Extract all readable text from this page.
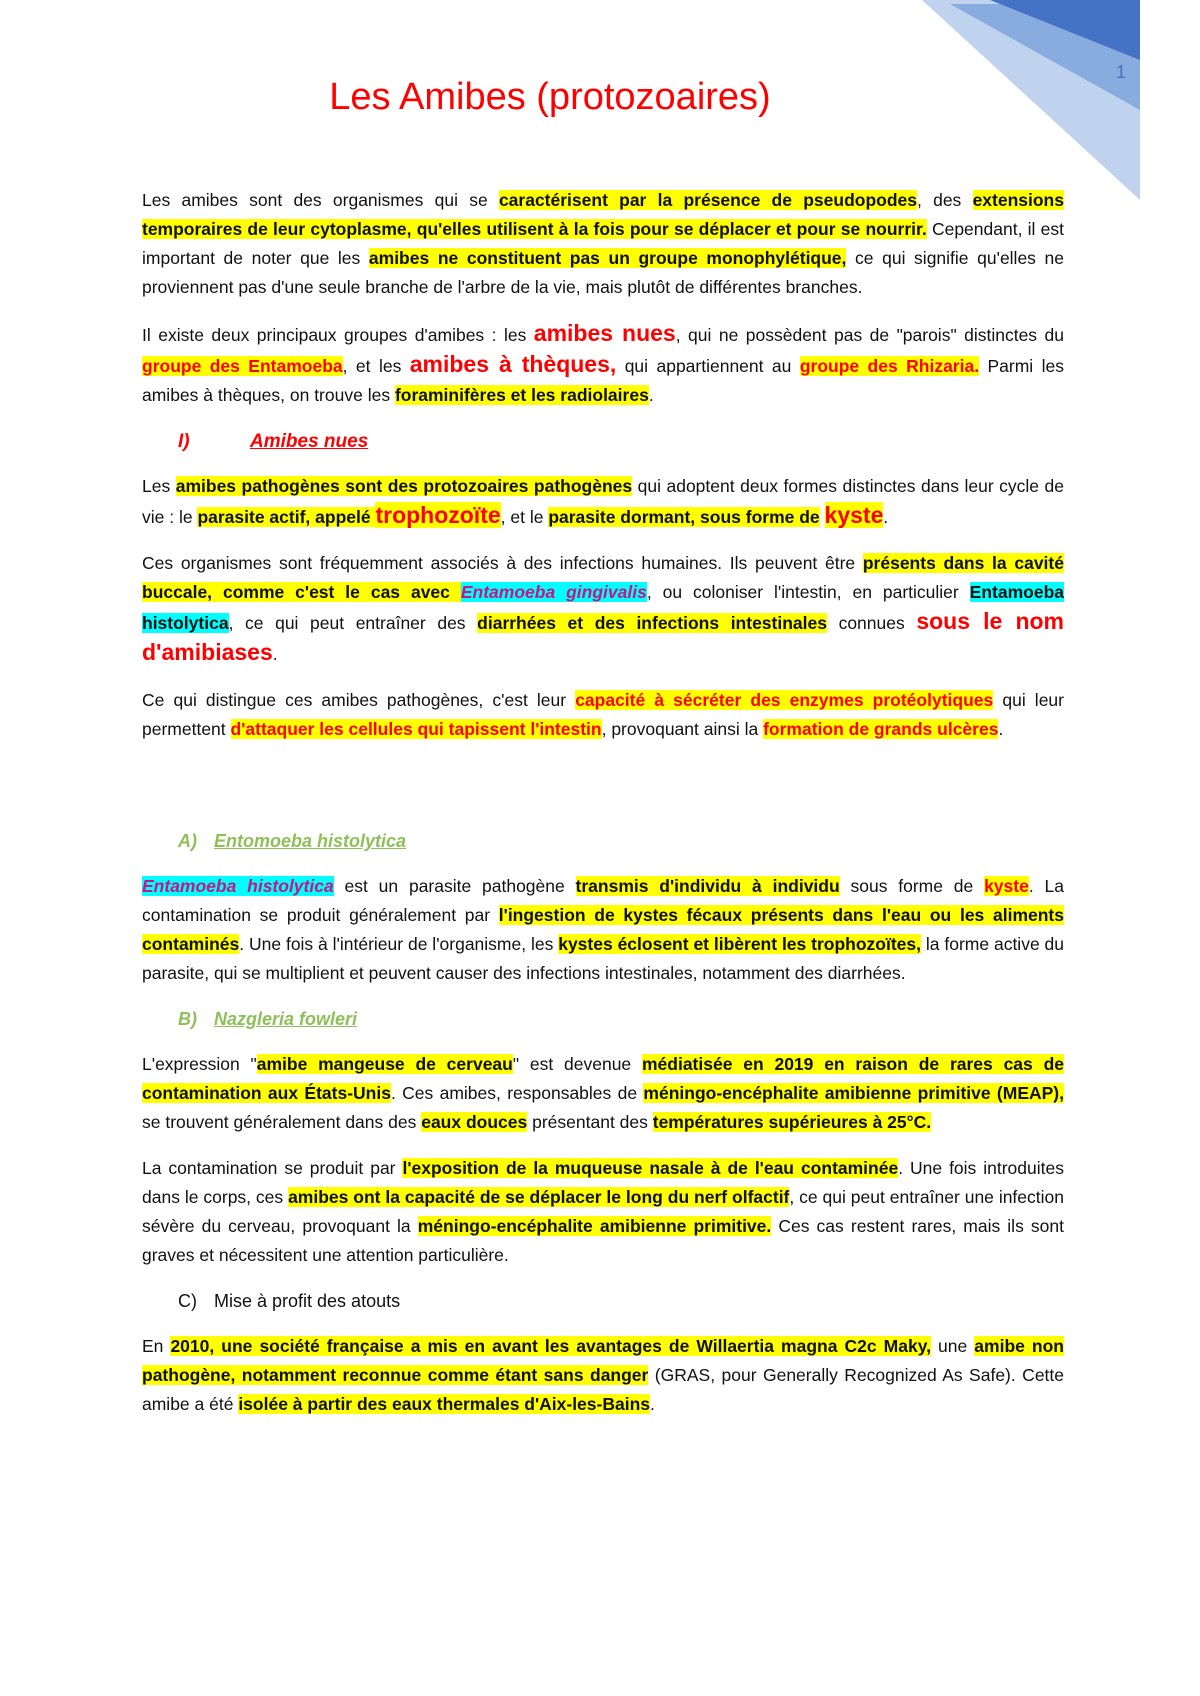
1
Les Amibes (protozoaires)

Les amibes sont des organismes qui se caractérisent par la présence de pseudopodes, des extensions temporaires de leur cytoplasme, qu'elles utilisent à la fois pour se déplacer et pour se nourrir. Cependant, il est important de noter que les amibes ne constituent pas un groupe monophylétique, ce qui signifie qu'elles ne proviennent pas d'une seule branche de l'arbre de la vie, mais plutôt de différentes branches.

Il existe deux principaux groupes d'amibes : les amibes nues, qui ne possèdent pas de "parois" distinctes du groupe des Entamoeba, et les amibes à thèques, qui appartiennent au groupe des Rhizaria. Parmi les amibes à thèques, on trouve les foraminifères et les radiolaires.

I)	Amibes nues

Les amibes pathogènes sont des protozoaires pathogènes qui adoptent deux formes distinctes dans leur cycle de vie : le parasite actif, appelé trophozoïte, et le parasite dormant, sous forme de kyste.

Ces organismes sont fréquemment associés à des infections humaines. Ils peuvent être présents dans la cavité buccale, comme c'est le cas avec Entamoeba gingivalis, ou coloniser l'intestin, en particulier Entamoeba histolytica, ce qui peut entraîner des diarrhées et des infections intestinales connues sous le nom d'amibiases.

Ce qui distingue ces amibes pathogènes, c'est leur capacité à sécréter des enzymes protéolytiques qui leur permettent d'attaquer les cellules qui tapissent l'intestin, provoquant ainsi la formation de grands ulcères.

A) Entomoeba histolytica

Entamoeba histolytica est un parasite pathogène transmis d'individu à individu sous forme de kyste. La contamination se produit généralement par l'ingestion de kystes fécaux présents dans l'eau ou les aliments contaminés. Une fois à l'intérieur de l'organisme, les kystes éclosent et libèrent les trophozoïtes, la forme active du parasite, qui se multiplient et peuvent causer des infections intestinales, notamment des diarrhées.

B) Nazgleria fowleri

L'expression "amibe mangeuse de cerveau" est devenue médiatisée en 2019 en raison de rares cas de contamination aux États-Unis. Ces amibes, responsables de méningo-encéphalite amibienne primitive (MEAP), se trouvent généralement dans des eaux douces présentant des températures supérieures à 25°C.

La contamination se produit par l'exposition de la muqueuse nasale à de l'eau contaminée. Une fois introduites dans le corps, ces amibes ont la capacité de se déplacer le long du nerf olfactif, ce qui peut entraîner une infection sévère du cerveau, provoquant la méningo-encéphalite amibienne primitive. Ces cas restent rares, mais ils sont graves et nécessitent une attention particulière.

C) Mise à profit des atouts

En 2010, une société française a mis en avant les avantages de Willaertia magna C2c Maky, une amibe non pathogène, notamment reconnue comme étant sans danger (GRAS, pour Generally Recognized As Safe). Cette amibe a été isolée à partir des eaux thermales d'Aix-les-Bains.
